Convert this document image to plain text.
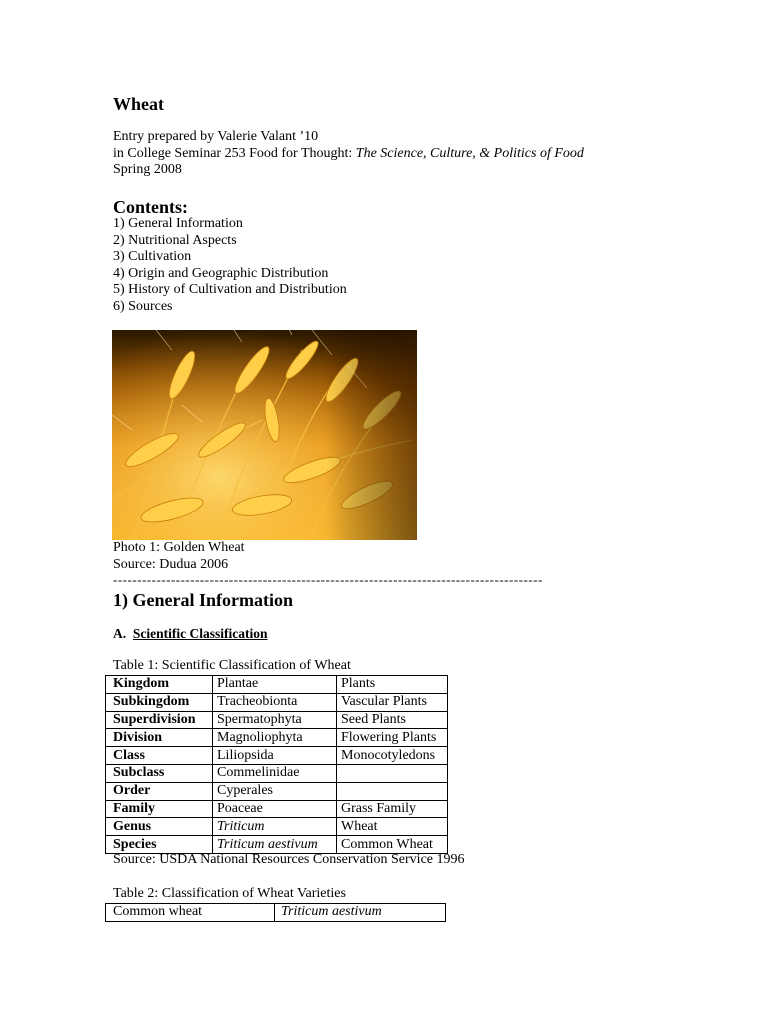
Wheat
Entry prepared by Valerie Valant ’10
in College Seminar 253 Food for Thought: The Science, Culture, & Politics of Food
Spring 2008
Contents:
1) General Information
2) Nutritional Aspects
3) Cultivation
4) Origin and Geographic Distribution
5) History of Cultivation and Distribution
6) Sources
Photo 1: Golden Wheat
Source: Dudua 2006
-----------------------------------------------------------------------------------------
1) General Information
A. Scientific Classification
Table 1: Scientific Classification of Wheat
Kingdom	Plantae	Plants
Subkingdom	Tracheobionta	Vascular Plants
Superdivision	Spermatophyta	Seed Plants
Division	Magnoliophyta	Flowering Plants
Class	Liliopsida	Monocotyledons
Subclass	Commelinidae	
Order	Cyperales	
Family	Poaceae	Grass Family
Genus	Triticum	Wheat
Species	Triticum aestivum	Common Wheat
Source: USDA National Resources Conservation Service 1996
Table 2: Classification of Wheat Varieties
Common wheat	Triticum aestivum
